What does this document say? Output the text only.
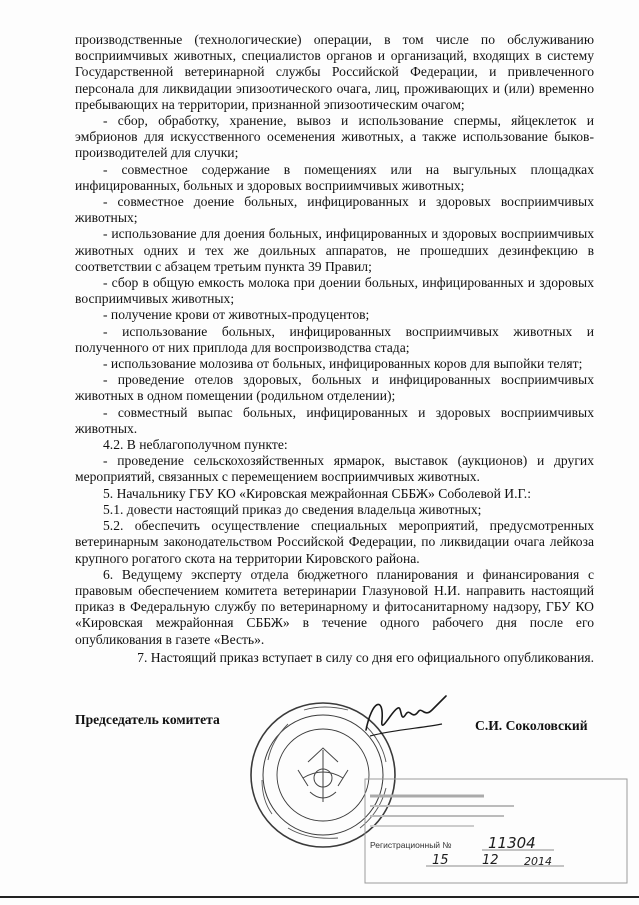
производственные (технологические) операции, в том числе по обслуживанию восприимчивых животных, специалистов органов и организаций, входящих в систему Государственной ветеринарной службы Российской Федерации, и привлеченного персонала для ликвидации эпизоотического очага, лиц, проживающих и (или) временно пребывающих на территории, признанной эпизоотическим очагом;

- сбор, обработку, хранение, вывоз и использование спермы, яйцеклеток и эмбрионов для искусственного осеменения животных, а также использование быков-производителей для случки;

- совместное содержание в помещениях или на выгульных площадках инфицированных, больных и здоровых восприимчивых животных;

- совместное доение больных, инфицированных и здоровых восприимчивых животных;

- использование для доения больных, инфицированных и здоровых восприимчивых животных одних и тех же доильных аппаратов, не прошедших дезинфекцию в соответствии с абзацем третьим пункта 39 Правил;

- сбор в общую емкость молока при доении больных, инфицированных и здоровых восприимчивых животных;

- получение крови от животных-продуцентов;

- использование больных, инфицированных восприимчивых животных и полученного от них приплода для воспроизводства стада;

- использование молозива от больных, инфицированных коров для выпойки телят;

- проведение отелов здоровых, больных и инфицированных восприимчивых животных в одном помещении (родильном отделении);

- совместный выпас больных, инфицированных и здоровых восприимчивых животных.

4.2. В неблагополучном пункте:

- проведение сельскохозяйственных ярмарок, выставок (аукционов) и других мероприятий, связанных с перемещением восприимчивых животных.

5. Начальнику ГБУ КО «Кировская межрайонная СББЖ» Соболевой И.Г.:

5.1. довести настоящий приказ до сведения владельца животных;

5.2. обеспечить осуществление специальных мероприятий, предусмотренных ветеринарным законодательством Российской Федерации, по ликвидации очага лейкоза крупного рогатого скота на территории Кировского района.

6. Ведущему эксперту отдела бюджетного планирования и финансирования с правовым обеспечением комитета ветеринарии Глазуновой Н.И. направить настоящий приказ в Федеральную службу по ветеринарному и фитосанитарному надзору, ГБУ КО «Кировская межрайонная СББЖ» в течение одного рабочего дня после его опубликования в газете «Весть».

7. Настоящий приказ вступает в силу со дня его официального опубликования.

Председатель комитета	С.И. Соколовский
Регистрационный № 11304
15	12 2014
